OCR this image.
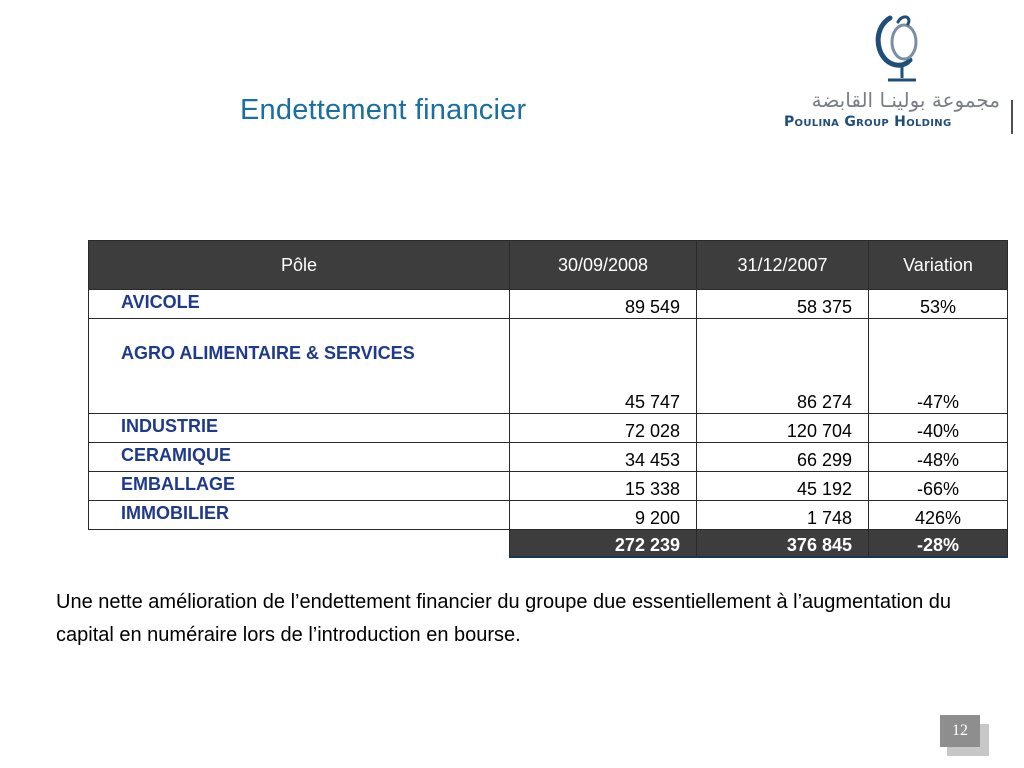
Endettement financier	مجموعة بولينـا القابضة
Poulina Group Holding
Pôle	30/09/2008	31/12/2007	Variation
AVICOLE	89 549	58 375	53%
AGRO ALIMENTAIRE & SERVICES	45 747	86 274	-47%
INDUSTRIE	72 028	120 704	-40%
CERAMIQUE	34 453	66 299	-48%
EMBALLAGE	15 338	45 192	-66%
IMMOBILIER	9 200	1 748	426%
	272 239	376 845	-28%
Une nette amélioration de l’endettement financier du groupe due essentiellement à l’augmentation du capital en numéraire lors de l’introduction en bourse.
12
